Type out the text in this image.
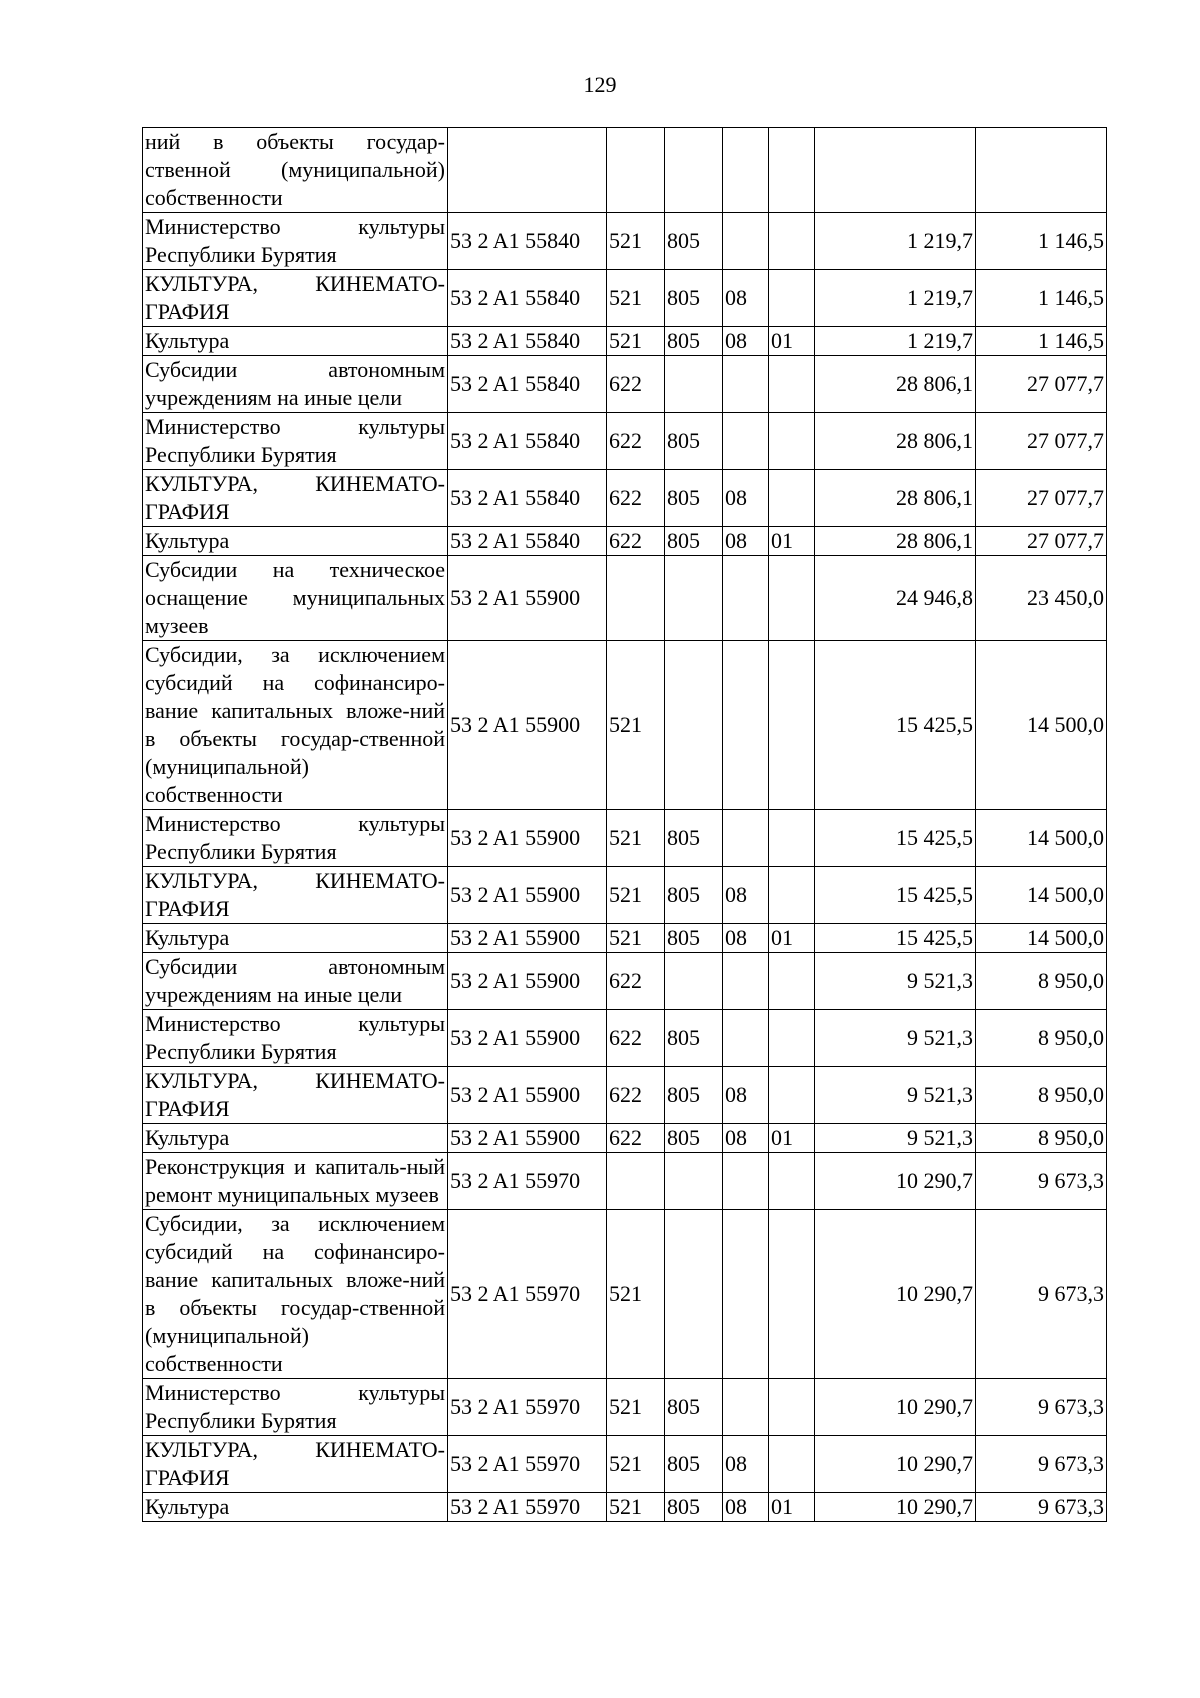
129
ний в объекты государ-ственной (муниципальной) собственности							
Министерство культуры Республики Бурятия	53 2 A1 55840	521	805			1 219,7	1 146,5
КУЛЬТУРА, КИНЕМАТО-ГРАФИЯ	53 2 A1 55840	521	805	08		1 219,7	1 146,5
Культура	53 2 A1 55840	521	805	08	01	1 219,7	1 146,5
Субсидии автономным учреждениям на иные цели	53 2 A1 55840	622				28 806,1	27 077,7
Министерство культуры Республики Бурятия	53 2 A1 55840	622	805			28 806,1	27 077,7
КУЛЬТУРА, КИНЕМАТО-ГРАФИЯ	53 2 A1 55840	622	805	08		28 806,1	27 077,7
Культура	53 2 A1 55840	622	805	08	01	28 806,1	27 077,7
Субсидии на техническое оснащение муниципальных музеев	53 2 A1 55900					24 946,8	23 450,0
Субсидии, за исключением субсидий на софинансиро-вание капитальных вложе-ний в объекты государ-ственной (муниципальной) собственности	53 2 A1 55900	521				15 425,5	14 500,0
Министерство культуры Республики Бурятия	53 2 A1 55900	521	805			15 425,5	14 500,0
КУЛЬТУРА, КИНЕМАТО-ГРАФИЯ	53 2 A1 55900	521	805	08		15 425,5	14 500,0
Культура	53 2 A1 55900	521	805	08	01	15 425,5	14 500,0
Субсидии автономным учреждениям на иные цели	53 2 A1 55900	622				9 521,3	8 950,0
Министерство культуры Республики Бурятия	53 2 A1 55900	622	805			9 521,3	8 950,0
КУЛЬТУРА, КИНЕМАТО-ГРАФИЯ	53 2 A1 55900	622	805	08		9 521,3	8 950,0
Культура	53 2 A1 55900	622	805	08	01	9 521,3	8 950,0
Реконструкция и капиталь-ный ремонт муниципальных музеев	53 2 A1 55970					10 290,7	9 673,3
Субсидии, за исключением субсидий на софинансиро-вание капитальных вложе-ний в объекты государ-ственной (муниципальной) собственности	53 2 A1 55970	521				10 290,7	9 673,3
Министерство культуры Республики Бурятия	53 2 A1 55970	521	805			10 290,7	9 673,3
КУЛЬТУРА, КИНЕМАТО-ГРАФИЯ	53 2 A1 55970	521	805	08		10 290,7	9 673,3
Культура	53 2 A1 55970	521	805	08	01	10 290,7	9 673,3
